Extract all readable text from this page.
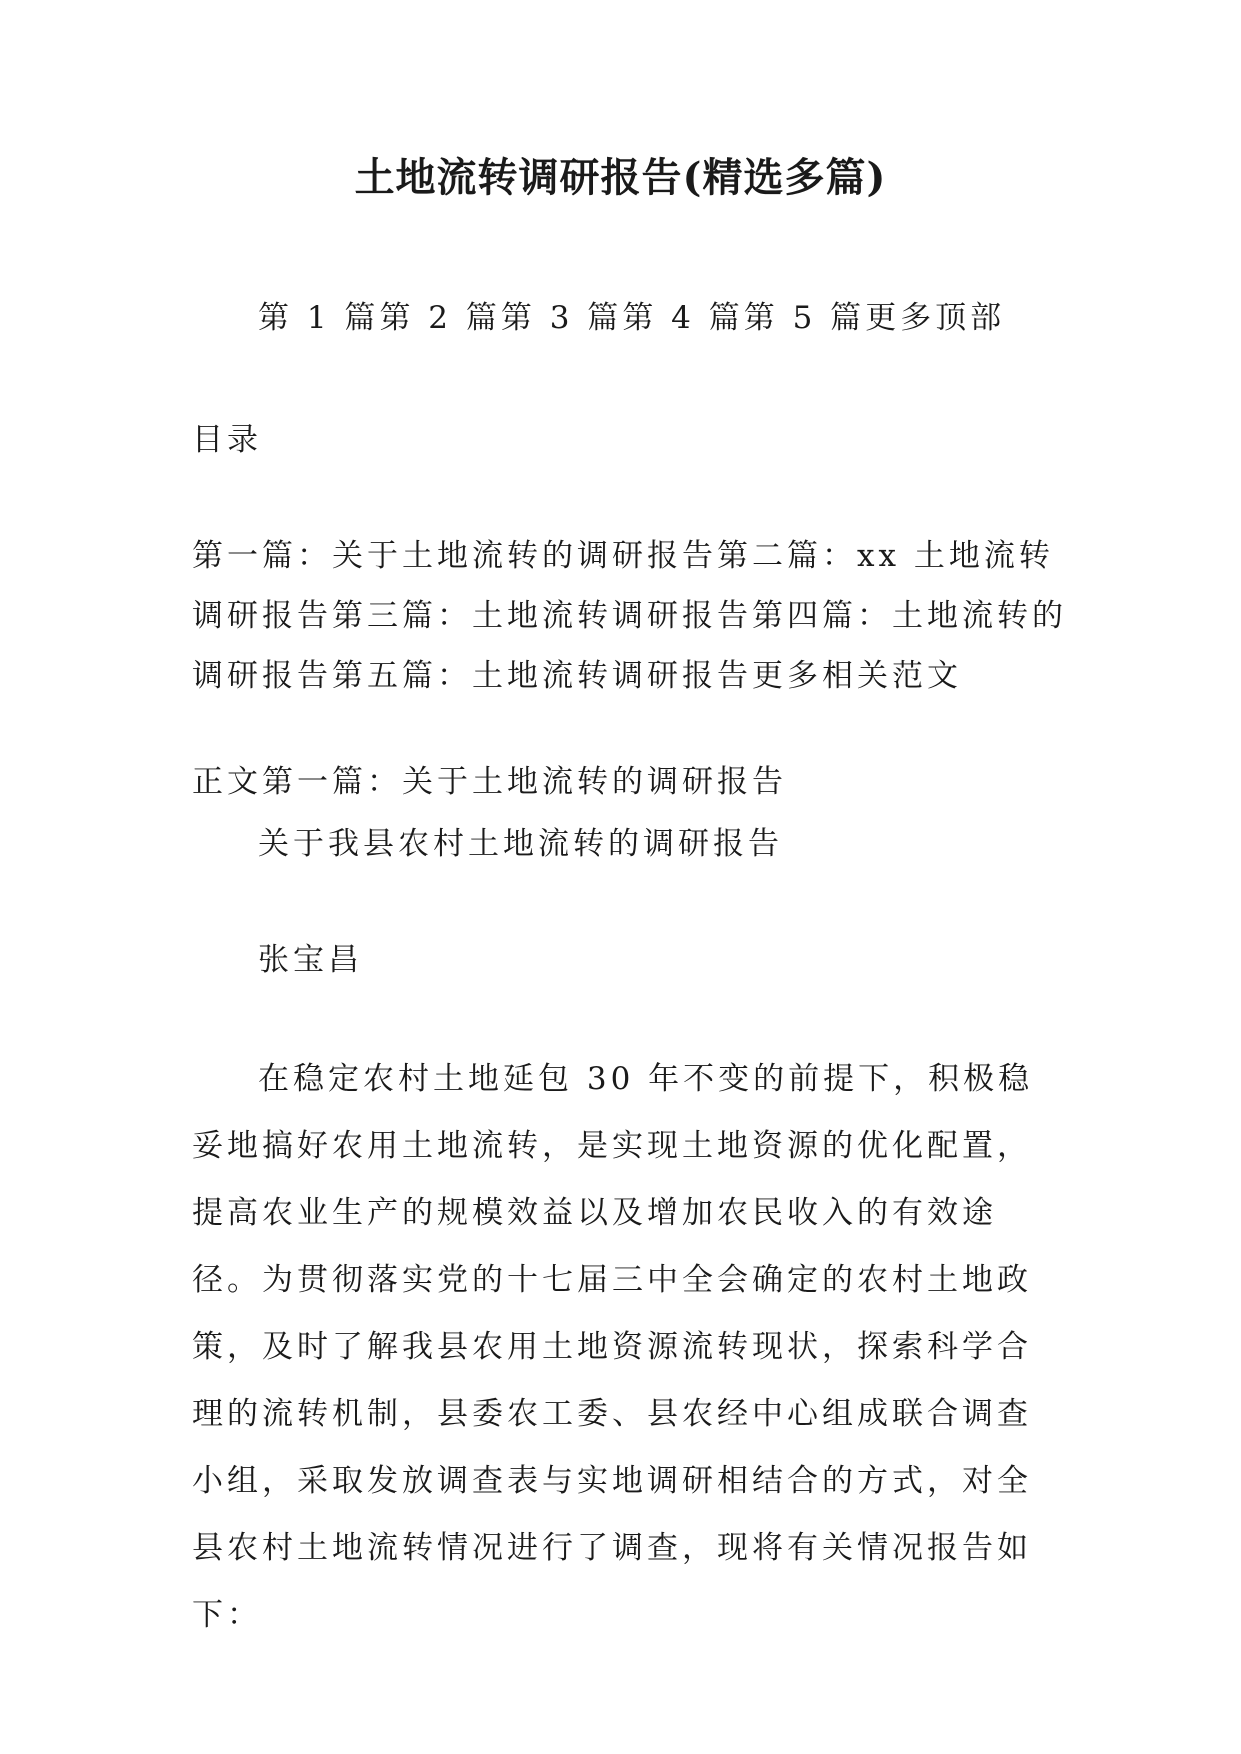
土地流转调研报告(精选多篇)
第 1 篇第 2 篇第 3 篇第 4 篇第 5 篇更多顶部
目录
第一篇：关于土地流转的调研报告第二篇：xx 土地流转调研报告第三篇：土地流转调研报告第四篇：土地流转的调研报告第五篇：土地流转调研报告更多相关范文
正文第一篇：关于土地流转的调研报告
关于我县农村土地流转的调研报告
张宝昌
在稳定农村土地延包 30 年不变的前提下，积极稳妥地搞好农用土地流转，是实现土地资源的优化配置，提高农业生产的规模效益以及增加农民收入的有效途径。为贯彻落实党的十七届三中全会确定的农村土地政策，及时了解我县农用土地资源流转现状，探索科学合理的流转机制，县委农工委、县农经中心组成联合调查小组，采取发放调查表与实地调研相结合的方式，对全县农村土地流转情况进行了调查，现将有关情况报告如下：
